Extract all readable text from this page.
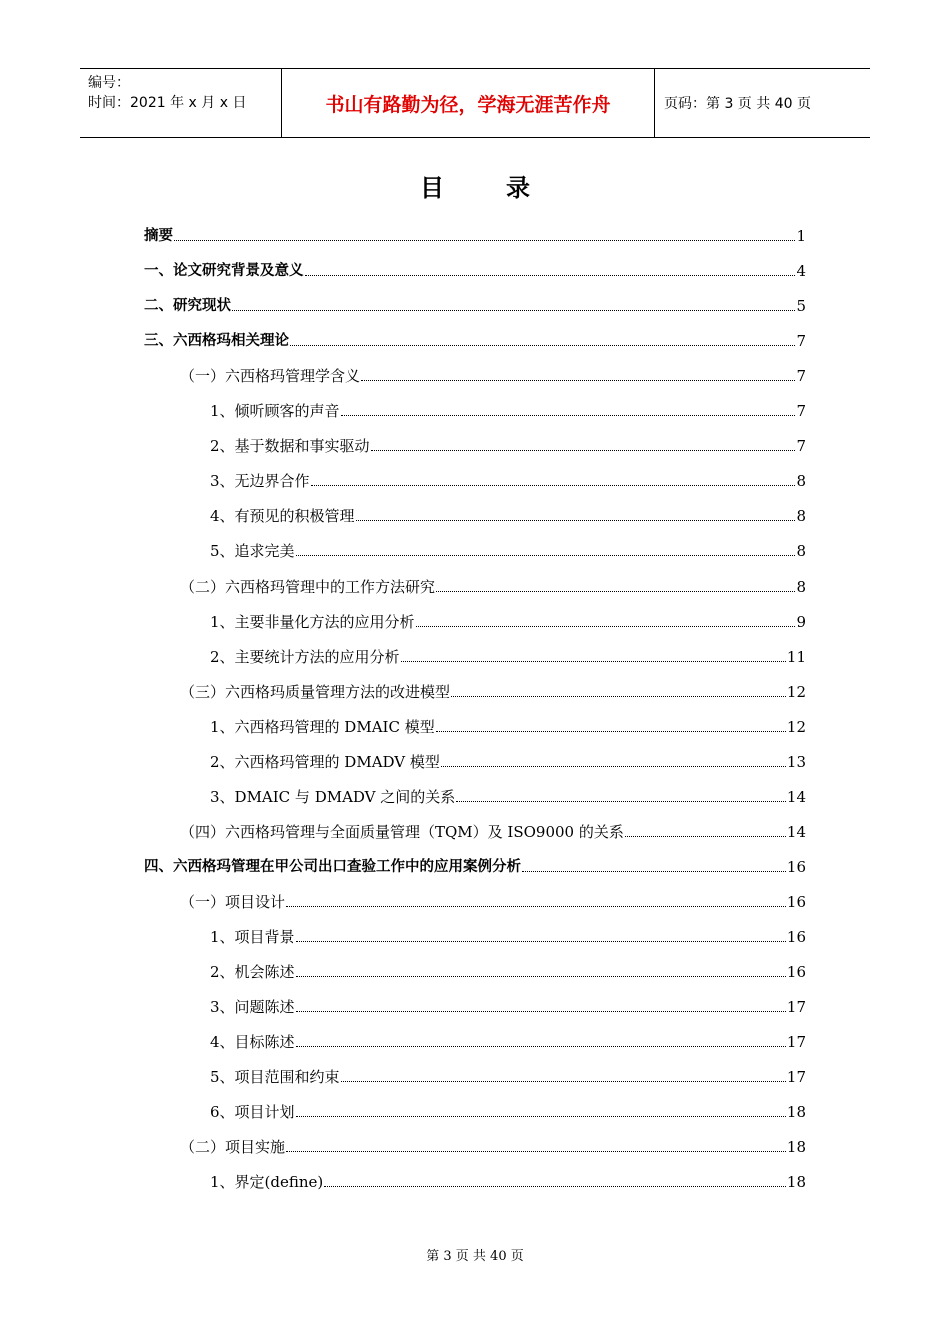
编号：
时间：2021 年 x 月 x 日	书山有路勤为径，学海无涯苦作舟	页码：第 3 页 共 40 页
目	录
摘要	1
一、论文研究背景及意义	4
二、研究现状	5
三、六西格玛相关理论	7
（一）六西格玛管理学含义	7
1、倾听顾客的声音	7
2、基于数据和事实驱动	7
3、无边界合作	8
4、有预见的积极管理	8
5、追求完美	8
（二）六西格玛管理中的工作方法研究	8
1、主要非量化方法的应用分析	9
2、主要统计方法的应用分析	11
（三）六西格玛质量管理方法的改进模型	12
1、六西格玛管理的 DMAIC 模型	12
2、六西格玛管理的 DMADV 模型	13
3、DMAIC 与 DMADV 之间的关系	14
（四）六西格玛管理与全面质量管理（TQM）及 ISO9000 的关系	14
四、六西格玛管理在甲公司出口查验工作中的应用案例分析	16
（一）项目设计	16
1、项目背景	16
2、机会陈述	16
3、问题陈述	17
4、目标陈述	17
5、项目范围和约束	17
6、项目计划	18
（二）项目实施	18
1、界定(define)	18
第 3 页 共 40 页
